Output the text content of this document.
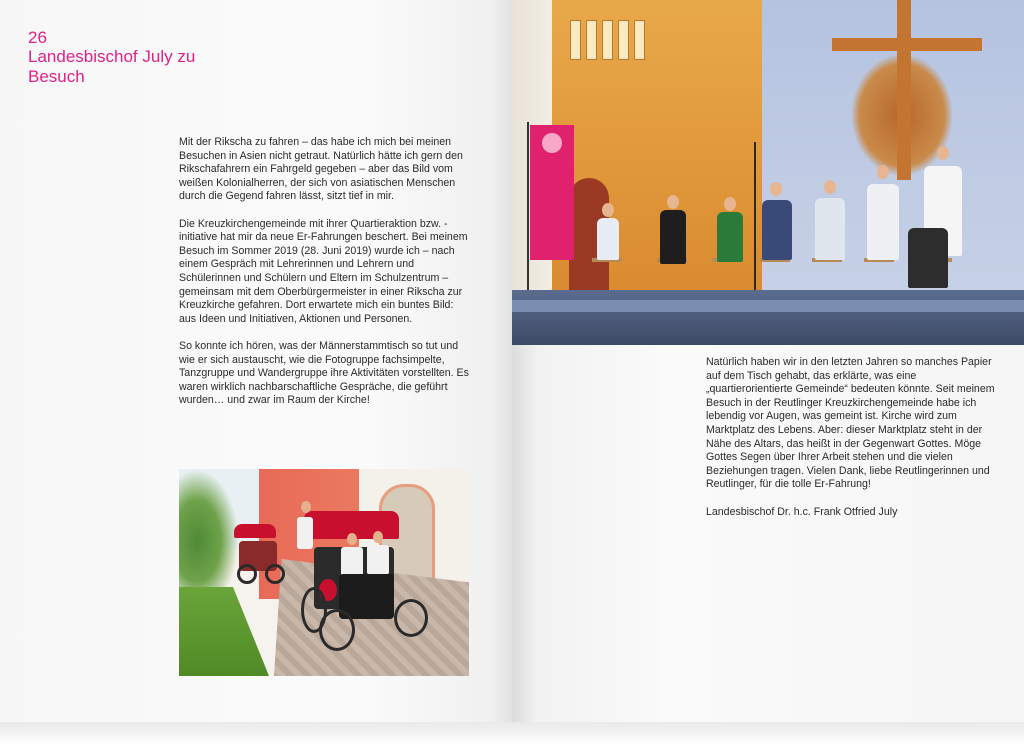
26
Landesbischof July zu Besuch

Mit der Rikscha zu fahren – das habe ich mich bei meinen Besuchen in Asien nicht getraut. Natürlich hätte ich gern den Rikschafahrern ein Fahrgeld gegeben – aber das Bild vom weißen Kolonialherren, der sich von asiatischen Menschen durch die Gegend fahren lässt, sitzt tief in mir.

Die Kreuzkirchengemeinde mit ihrer Quartieraktion bzw. -initiative hat mir da neue Er-Fahrungen beschert. Bei meinem Besuch im Sommer 2019 (28. Juni 2019) wurde ich – nach einem Gespräch mit Lehrerinnen und Lehrern und Schülerinnen und Schülern und Eltern im Schulzentrum – gemeinsam mit dem Oberbürgermeister in einer Rikscha zur Kreuzkirche gefahren. Dort erwartete mich ein buntes Bild: aus Ideen und Initiativen, Aktionen und Personen.

So konnte ich hören, was der Männerstammtisch so tut und wie er sich austauscht, wie die Fotogruppe fachsimpelte, Tanzgruppe und Wandergruppe ihre Aktivitäten vorstellten. Es waren wirklich nachbarschaftliche Gespräche, die geführt wurden… und zwar im Raum der Kirche!

Natürlich haben wir in den letzten Jahren so manches Papier auf dem Tisch gehabt, das erklärte, was eine „quartierorientierte Gemeinde“ bedeuten könnte. Seit meinem Besuch in der Reutlinger Kreuzkirchengemeinde habe ich lebendig vor Augen, was gemeint ist. Kirche wird zum Marktplatz des Lebens. Aber: dieser Marktplatz steht in der Nähe des Altars, das heißt in der Gegenwart Gottes. Möge Gottes Segen über Ihrer Arbeit stehen und die vielen Beziehungen tragen. Vielen Dank, liebe Reutlingerinnen und Reutlinger, für die tolle Er-Fahrung!

Landesbischof Dr. h.c. Frank Otfried July
